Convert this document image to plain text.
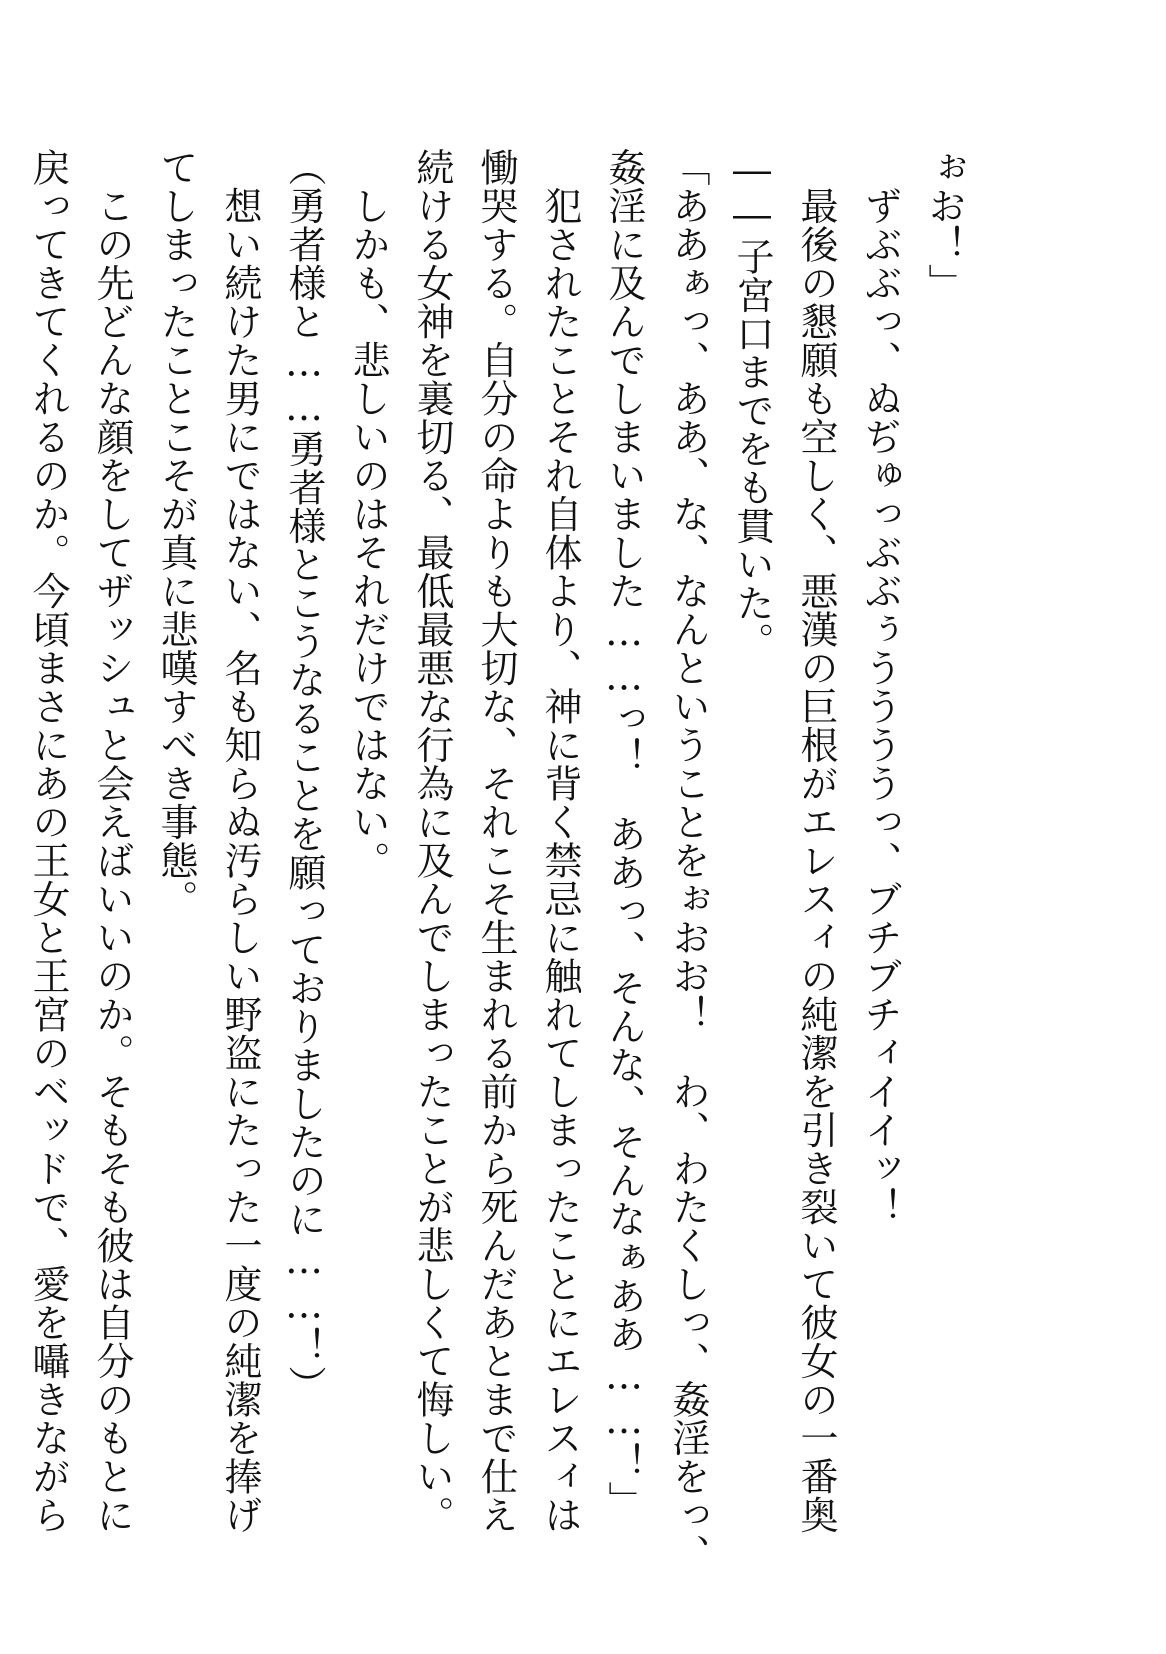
ぉお！」
　ずぶぶっ、ぬぢゅっぶぶぅううううっ、ブチブチィイイッ！
　最後の懇願も空しく、悪漢の巨根がエレスィの純潔を引き裂いて彼女の一番奥
――子宮口までをも貫いた。
「ああぁっ、ああ、な、なんということをぉおお！　わ、わたくしっ、姦淫をっ、
姦淫に及んでしまいました……っ！　ああっ、そんな、そんなぁああ……！」
　犯されたことそれ自体より、神に背く禁忌に触れてしまったことにエレスィは
慟哭する。自分の命よりも大切な、それこそ生まれる前から死んだあとまで仕え
続ける女神を裏切る、最低最悪な行為に及んでしまったことが悲しくて悔しい。
　しかも、悲しいのはそれだけではない。
（勇者様と……勇者様とこうなることを願っておりましたのに……！）
　想い続けた男にではない、名も知らぬ汚らしい野盗にたった一度の純潔を捧げ
てしまったことこそが真に悲嘆すべき事態。
　この先どんな顔をしてザッシュと会えばいいのか。そもそも彼は自分のもとに
戻ってきてくれるのか。今頃まさにあの王女と王宮のベッドで、愛を囁きながら
